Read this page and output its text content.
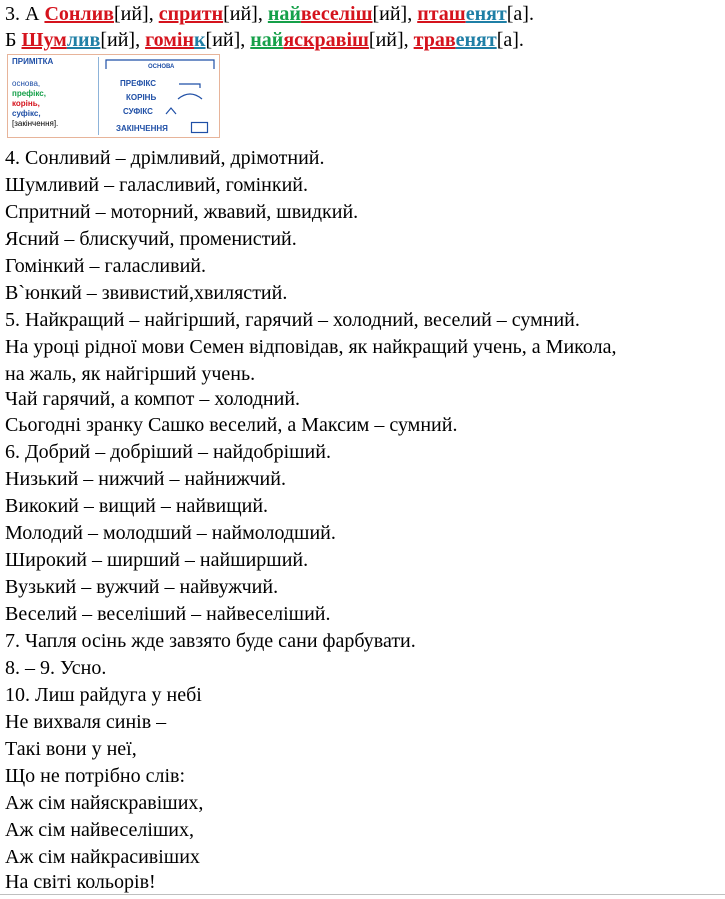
3. А Сонлив[ий], спритн[ий], найвеселіш[ий], пташенят[а].
Б Шумлив[ий], гомінк[ий], найяскравіш[ий], травенят[а].
ПРИМІТКА
основа,
префікс,
корінь,
суфікс,
[закінчення].
ОСНОВА
ПРЕФІКС
КОРІНЬ
СУФІКС
ЗАКІНЧЕННЯ
4. Сонливий – дрімливий, дрімотний.
Шумливий – галасливий, гомінкий.
Спритний – моторний, жвавий, швидкий.
Ясний – блискучий, променистий.
Гомінкий – галасливий.
В`юнкий – звивистий,хвилястий.
5. Найкращий – найгірший, гарячий – холодний, веселий – сумний.
На уроці рідної мови Семен відповідав, як найкращий учень, а Микола,
на жаль, як найгірший учень.
Чай гарячий, а компот – холодний.
Сьогодні зранку Сашко веселий, а Максим – сумний.
6. Добрий – добріший – найдобріший.
Низький – нижчий – найнижчий.
Викокий – вищий – найвищий.
Молодий – молодший – наймолодший.
Широкий – ширший – найширший.
Вузький – вужчий – найвужчий.
Веселий – веселіший – найвеселіший.
7. Чапля осінь жде завзято буде сани фарбувати.
8. – 9. Усно.
10. Лиш райдуга у небі
Не вихваля синів –
Такі вони у неї,
Що не потрібно слів:
Аж сім найяскравіших,
Аж сім найвеселіших,
Аж сім найкрасивіших
На світі кольорів!
